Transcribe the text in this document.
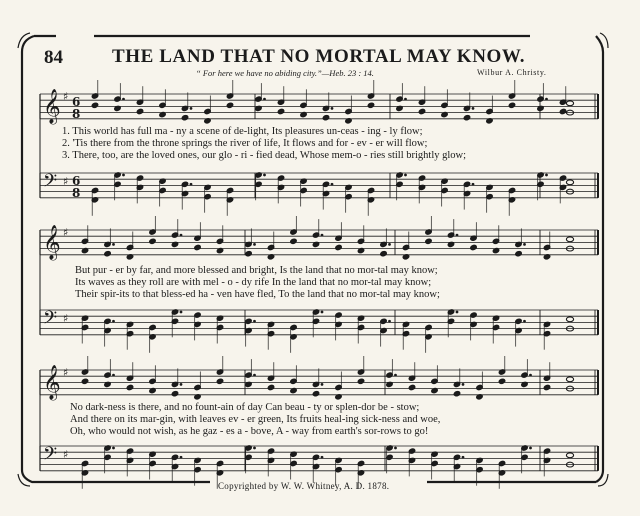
𝄞 ♯ 6
8
𝄢 ♯ 6
8
𝄞 ♯
𝄢 ♯
𝄞 ♯
𝄢 ♯
84	THE LAND THAT NO MORTAL MAY KNOW.
“ For here we have no abiding city.”—Heb. 23 : 14.	Wilbur A. Christy.
1. This world has full ma - ny a scene of de-light, Its pleasures un-ceas - ing - ly flow;
2. 'Tis there from the throne springs the river of life, It flows and for - ev - er will flow;
3. There, too, are the loved ones, our glo - ri - fied dead, Whose mem-o - ries still brightly glow;
But pur - er by far, and more blessed and bright, Is the land that no mor-tal may know;
Its waves as they roll are with mel - o - dy rife In the land that no mor-tal may know;
Their spir-its to that bless-ed ha - ven have fled, To the land that no mor-tal may know;
No dark-ness is there, and no fount-ain of day Can beau - ty or splen-dor be - stow;
And there on its mar-gin, with leaves ev - er green, Its fruits heal-ing sick-ness and woe,
Oh, who would not wish, as he gaz - es a - bove, A - way from earth's sor-rows to go!
Copyrighted by W. W. Whitney, A. D. 1878.
